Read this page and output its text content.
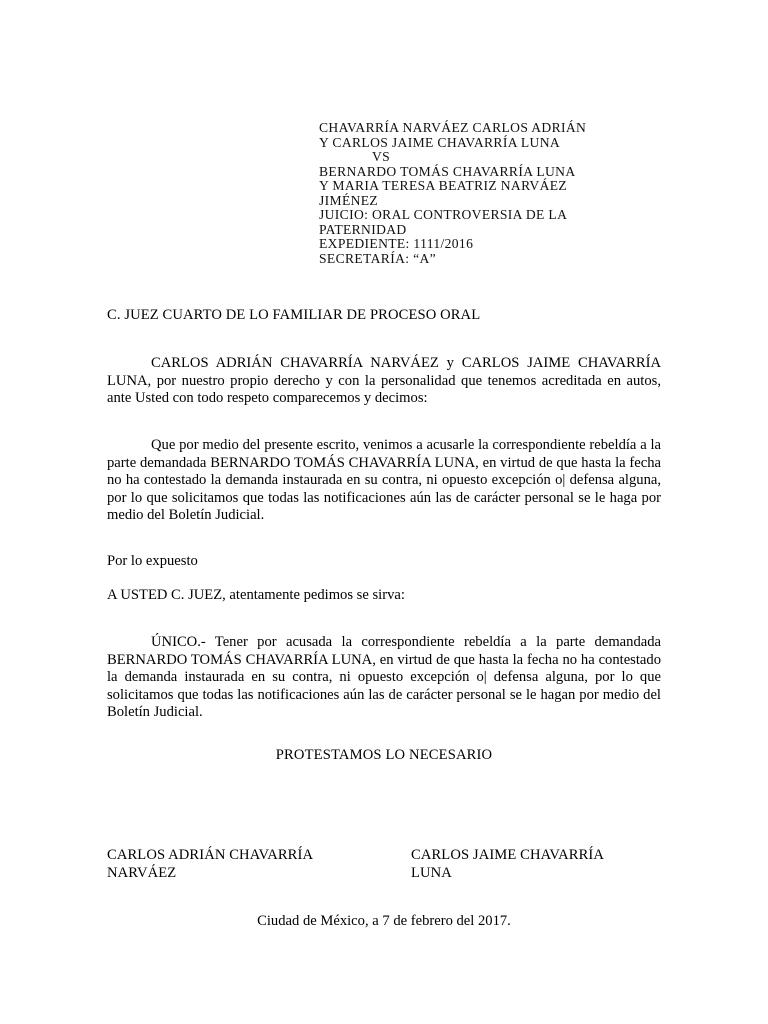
CHAVARRÍA NARVÁEZ CARLOS ADRIÁN
Y CARLOS JAIME CHAVARRÍA LUNA
VS
BERNARDO TOMÁS CHAVARRÍA LUNA
Y MARIA TERESA BEATRIZ NARVÁEZ
JIMÉNEZ
JUICIO: ORAL CONTROVERSIA DE LA
PATERNIDAD
EXPEDIENTE: 1111/2016
SECRETARÍA: “A”
C. JUEZ CUARTO DE LO FAMILIAR DE PROCESO ORAL
CARLOS ADRIÁN CHAVARRÍA NARVÁEZ y CARLOS JAIME CHAVARRÍA LUNA, por nuestro propio derecho y con la personalidad que tenemos acreditada en autos, ante Usted con todo respeto comparecemos y decimos:
Que por medio del presente escrito, venimos a acusarle la correspondiente rebeldía a la parte demandada BERNARDO TOMÁS CHAVARRÍA LUNA, en virtud de que hasta la fecha no ha contestado la demanda instaurada en su contra, ni opuesto excepción o| defensa alguna, por lo que solicitamos que todas las notificaciones aún las de carácter personal se le haga por medio del Boletín Judicial.
Por lo expuesto
A USTED C. JUEZ, atentamente pedimos se sirva:
ÚNICO.- Tener por acusada la correspondiente rebeldía a la parte demandada BERNARDO TOMÁS CHAVARRÍA LUNA, en virtud de que hasta la fecha no ha contestado la demanda instaurada en su contra, ni opuesto excepción o| defensa alguna, por lo que solicitamos que todas las notificaciones aún las de carácter personal se le hagan por medio del Boletín Judicial.
PROTESTAMOS LO NECESARIO
CARLOS ADRIÁN CHAVARRÍA
NARVÁEZ
CARLOS JAIME CHAVARRÍA
LUNA
Ciudad de México, a 7 de febrero del 2017.
